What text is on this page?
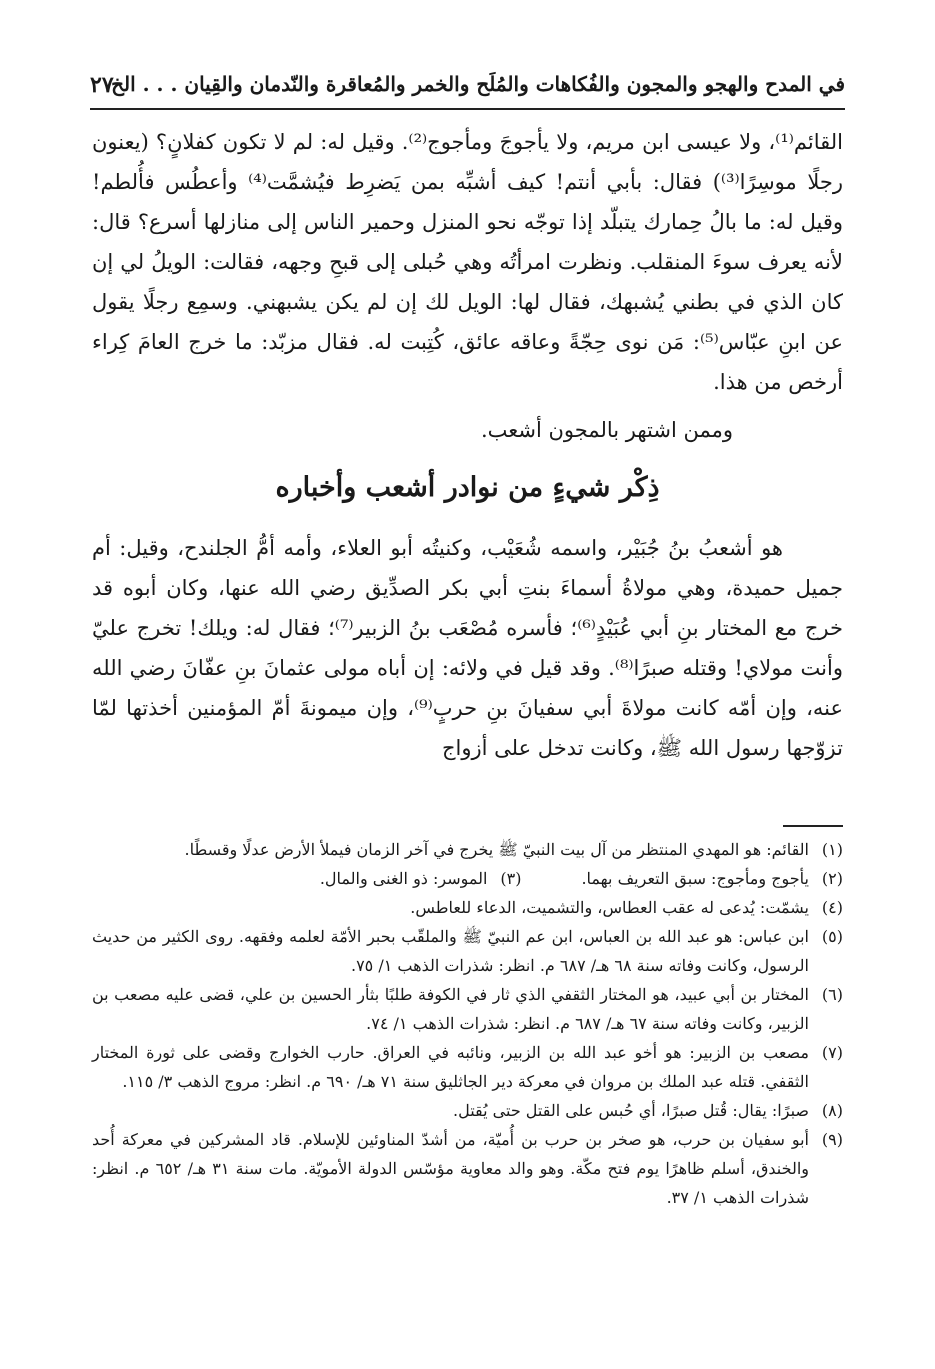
في المدح والهجو والمجون والفُكاهات والمُلَح والخمر والمُعاقرة والنّدمان والقِيان . . . الخ
٢٧

القائم⁽¹⁾، ولا عيسى ابن مريم، ولا يأجوجَ ومأجوج⁽²⁾. وقيل له: لم لا تكون كفلانٍ؟ (يعنون رجلًا موسِرًا⁽³⁾) فقال: بأبي أنتم! كيف أشبِّه بمن يَضرِط فيُشمَّت⁽⁴⁾ وأعطُس فأُلطم! وقيل له: ما بالُ حِمارك يتبلّد إذا توجّه نحو المنزل وحمير الناس إلى منازلها أسرع؟ قال: لأنه يعرف سوءَ المنقلب. ونظرت امرأتُه وهي حُبلى إلى قبحِ وجهه، فقالت: الويلُ لي إن كان الذي في بطني يُشبهك، فقال لها: الويل لك إن لم يكن يشبهني. وسمِع رجلًا يقول عن ابنِ عبّاس⁽⁵⁾: مَن نوى حِجّةً وعاقه عائق، كُتِبت له. فقال مزبّد: ما خرج العامَ كِراء أرخص من هذا.

وممن اشتهر بالمجون أشعب.

ذِكْر شيءٍ من نوادر أشعب وأخباره

هو أشعبُ بنُ جُبَيْر، واسمه شُعَيْب، وكنيتُه أبو العلاء، وأمه أمُّ الجلندح، وقيل: أم جميل حميدة، وهي مولاةُ أسماءَ بنتِ أبي بكر الصدِّيق رضي الله عنها، وكان أبوه قد خرج مع المختار بنِ أبي عُبَيْدٍ⁽⁶⁾؛ فأسره مُصْعَب بنُ الزبير⁽⁷⁾؛ فقال له: ويلك! تخرج عليّ وأنت مولاي! وقتله صبرًا⁽⁸⁾. وقد قيل في ولائه: إن أباه مولى عثمانَ بنِ عفّانَ رضي الله عنه، وإن أمّه كانت مولاةَ أبي سفيانَ بنِ حربٍ⁽⁹⁾، وإن ميمونةَ أمّ المؤمنين أخذتها لمّا تزوّجها رسول الله ﷺ، وكانت تدخل على أزواج

(١)
القائم: هو المهدي المنتظر من آل بيت النبيّ ﷺ يخرج في آخر الزمان فيملأ الأرض عدلًا وقسطًا.
(٢)
يأجوج ومأجوج: سبق التعريف بهما.
(٣)
الموسر: ذو الغنى والمال.
(٤)
يشمّت: يُدعى له عقب العطاس، والتشميت، الدعاء للعاطس.
(٥)
ابن عباس: هو عبد الله بن العباس، ابن عم النبيّ ﷺ والملقّب بحبر الأمّة لعلمه وفقهه. روى الكثير من حديث الرسول، وكانت وفاته سنة ٦٨ هـ/ ٦٨٧ م. انظر: شذرات الذهب ١/ ٧٥.
(٦)
المختار بن أبي عبيد، هو المختار الثقفي الذي ثار في الكوفة طلبًا بثأر الحسين بن علي، قضى عليه مصعب بن الزبير، وكانت وفاته سنة ٦٧ هـ/ ٦٨٧ م. انظر: شذرات الذهب ١/ ٧٤.
(٧)
مصعب بن الزبير: هو أخو عبد الله بن الزبير، ونائبه في العراق. حارب الخوارج وقضى على ثورة المختار الثقفي. قتله عبد الملك بن مروان في معركة دير الجاثليق سنة ٧١ هـ/ ٦٩٠ م. انظر: مروج الذهب ٣/ ١١٥.
(٨)
صبرًا: يقال: قُتل صبرًا، أي حُبس على القتل حتى يُقتل.
(٩)
أبو سفيان بن حرب، هو صخر بن حرب بن أُميّة، من أشدّ المناوئين للإسلام. قاد المشركين في معركة أُحد والخندق، أسلم ظاهرًا يوم فتح مكّة. وهو والد معاوية مؤسّس الدولة الأمويّة. مات سنة ٣١ هـ/ ٦٥٢ م. انظر: شذرات الذهب ١/ ٣٧.
